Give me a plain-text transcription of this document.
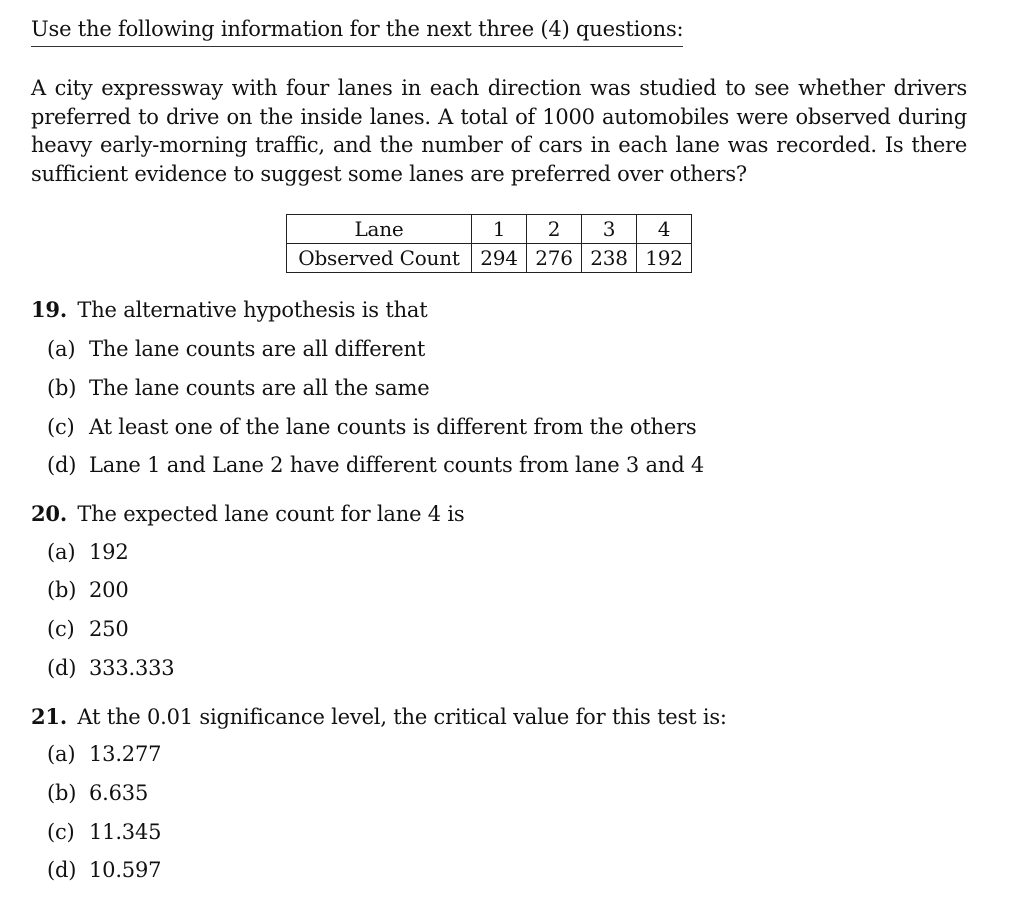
Use the following information for the next three (4) questions:

A city expressway with four lanes in each direction was studied to see whether drivers preferred to drive on the inside lanes. A total of 1000 automobiles were observed during heavy early-morning traffic, and the number of cars in each lane was recorded. Is there sufficient evidence to suggest some lanes are preferred over others?

Lane	1	2	3	4
Observed Count	294	276	238	192
19. The alternative hypothesis is that
(a) The lane counts are all different
(b) The lane counts are all the same
(c) At least one of the lane counts is different from the others
(d) Lane 1 and Lane 2 have different counts from lane 3 and 4
20. The expected lane count for lane 4 is
(a) 192
(b) 200
(c) 250
(d) 333.333
21. At the 0.01 significance level, the critical value for this test is:
(a) 13.277
(b) 6.635
(c) 11.345
(d) 10.597
